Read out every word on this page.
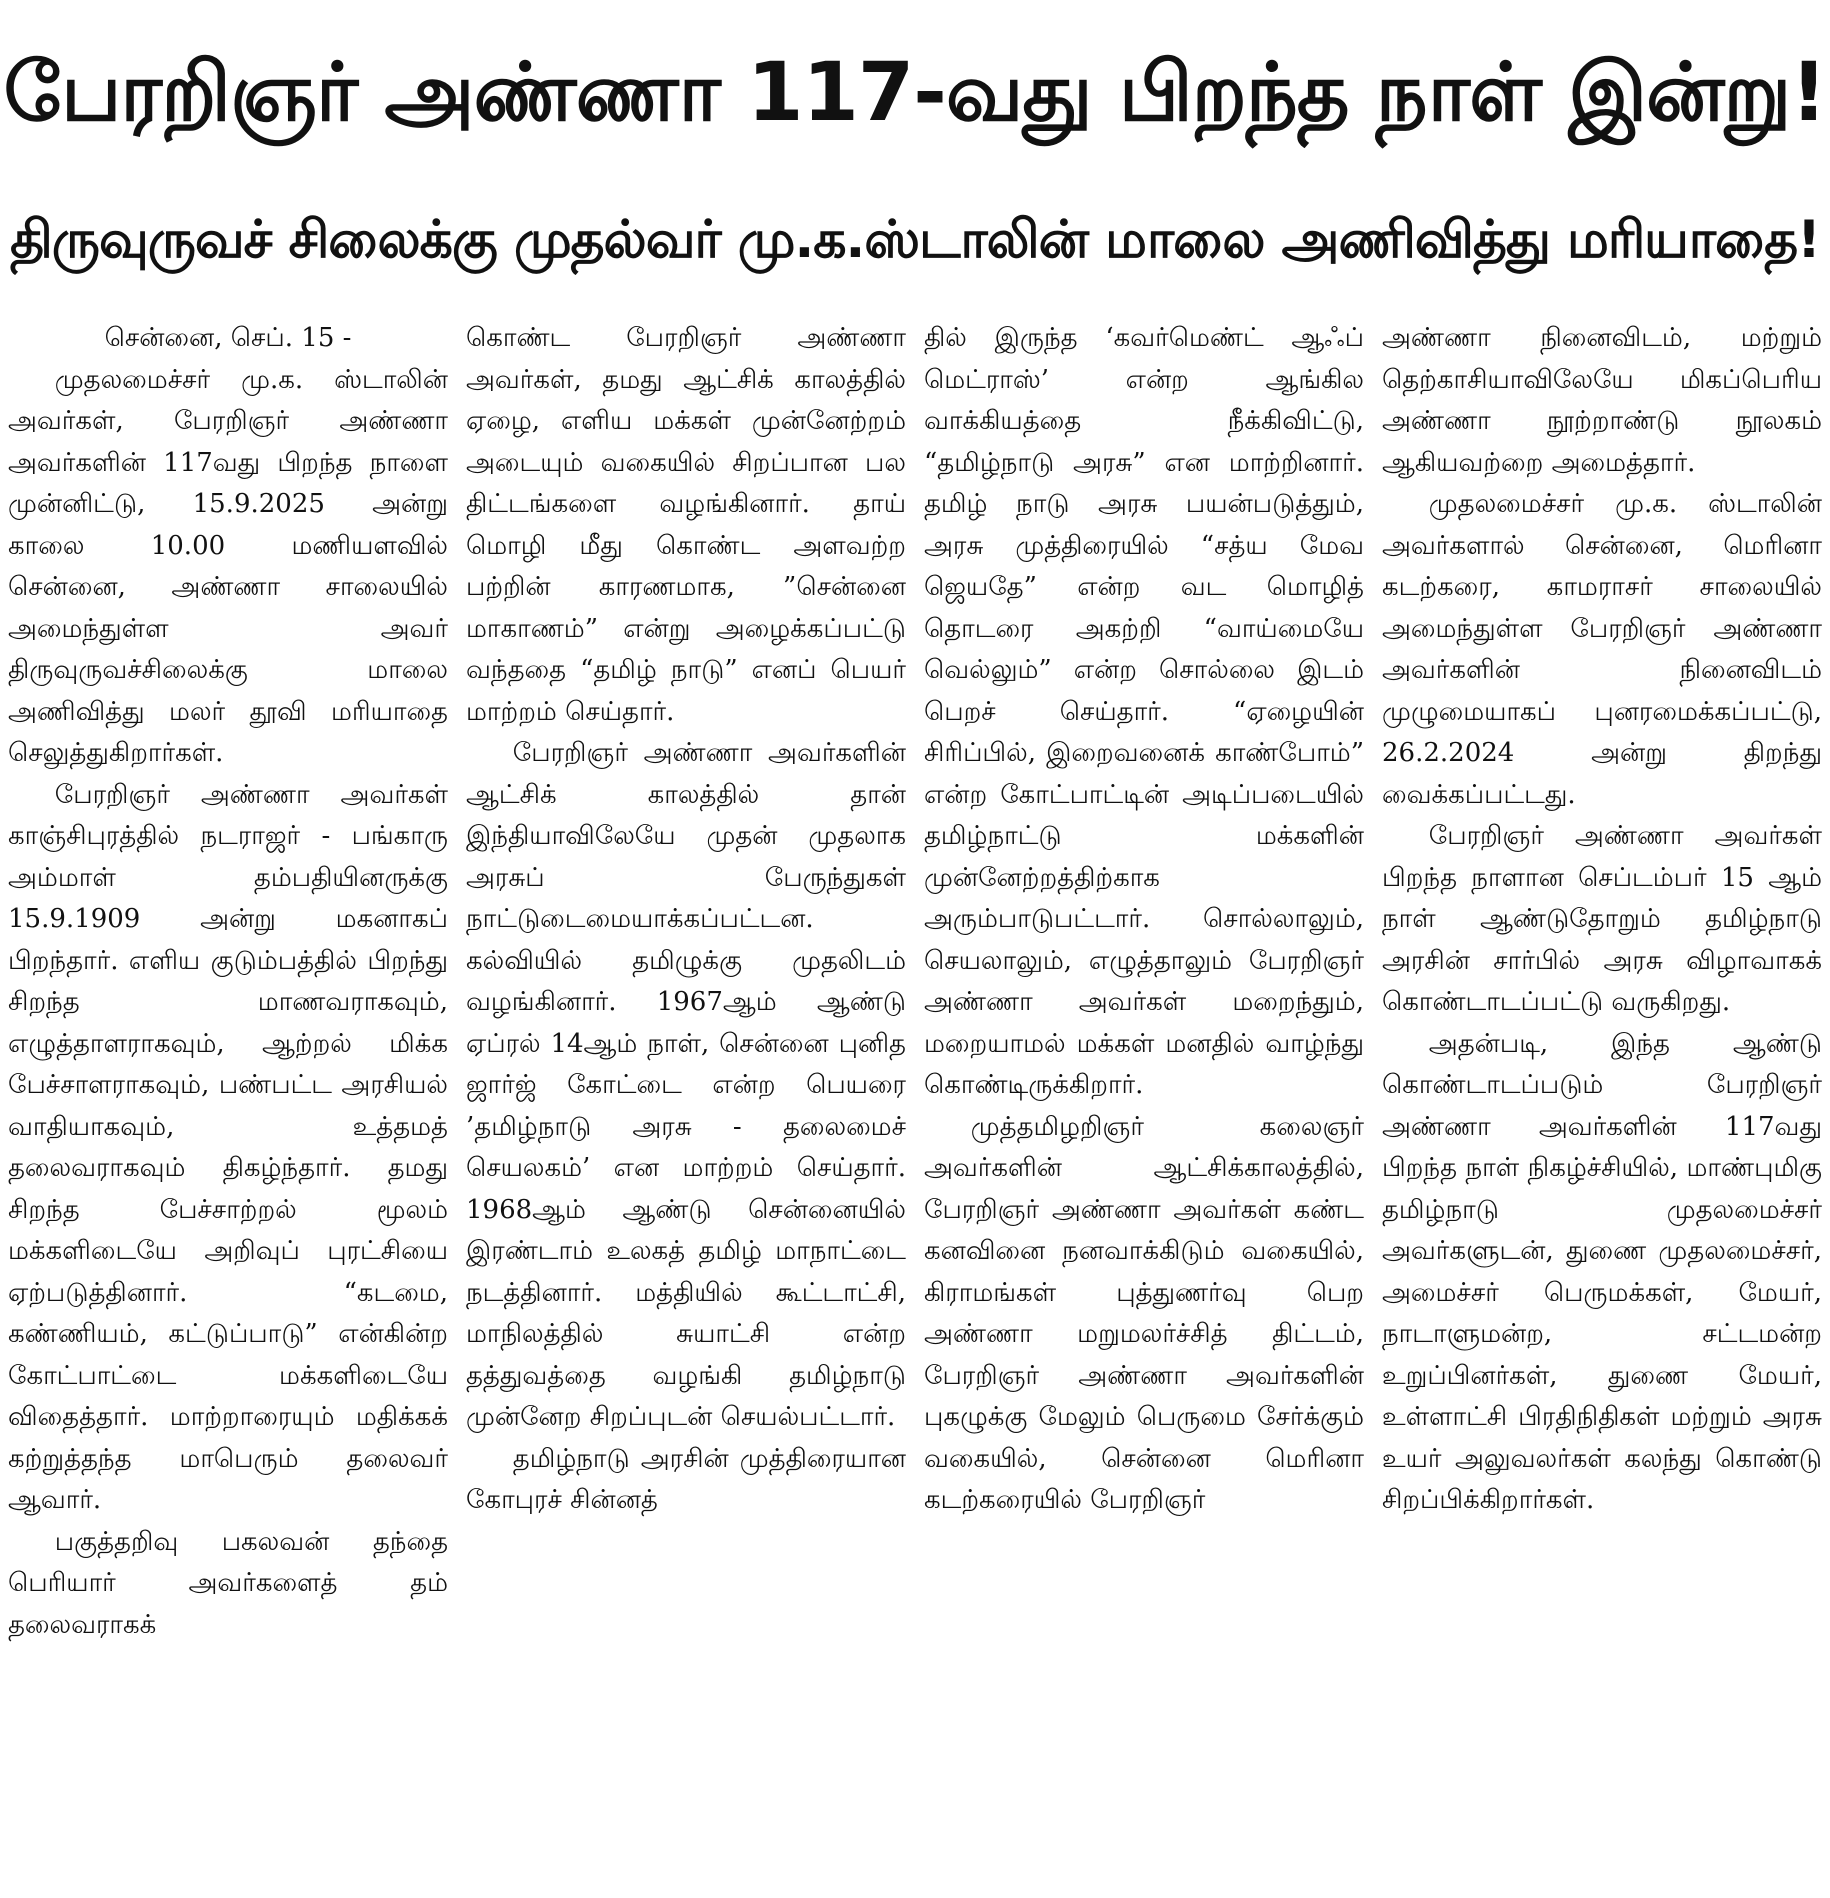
பேரறிஞர் அண்ணா 117-வது பிறந்த நாள் இன்று!
திருவுருவச் சிலைக்கு முதல்வர் மு.க.ஸ்டாலின் மாலை அணிவித்து மரியாதை!

சென்னை, செப். 15 -

முதலமைச்சர் மு.க. ஸ்டாலின் அவர்கள், பேரறிஞர் அண்ணா அவர்களின் 117வது பிறந்த நாளை முன்னிட்டு, 15.9.2025 அன்று காலை 10.00 மணியளவில் சென்னை, அண்ணா சாலையில் அமைந்துள்ள அவர் திருவுருவச்சிலைக்கு மாலை அணிவித்து மலர் தூவி மரியாதை செலுத்துகிறார்கள்.

பேரறிஞர் அண்ணா அவர்கள் காஞ்சிபுரத்தில் நடராஜர் - பங்காரு அம்மாள் தம்பதியினருக்கு 15.9.1909 அன்று மகனாகப் பிறந்தார். எளிய குடும்பத்தில் பிறந்து சிறந்த மாணவராகவும், எழுத்தாளராகவும், ஆற்றல் மிக்க பேச்சாளராகவும், பண்பட்ட அரசியல் வாதியாகவும், உத்தமத் தலைவராகவும் திகழ்ந்தார். தமது சிறந்த பேச்சாற்றல் மூலம் மக்களிடையே அறிவுப் புரட்சியை ஏற்படுத்தினார். “கடமை, கண்ணியம், கட்டுப்பாடு” என்கின்ற கோட்பாட்டை மக்களிடையே விதைத்தார். மாற்றாரையும் மதிக்கக் கற்றுத்தந்த மாபெரும் தலைவர் ஆவார்.

பகுத்தறிவு பகலவன் தந்தை பெரியார் அவர்களைத் தம் தலைவராகக்

கொண்ட பேரறிஞர் அண்ணா அவர்கள், தமது ஆட்சிக் காலத்தில் ஏழை, எளிய மக்கள் முன்னேற்றம் அடையும் வகையில் சிறப்பான பல திட்டங்களை வழங்கினார். தாய் மொழி மீது கொண்ட அளவற்ற பற்றின் காரணமாக, ”சென்னை மாகாணம்” என்று அழைக்கப்பட்டு வந்ததை “தமிழ் நாடு” எனப் பெயர் மாற்றம் செய்தார்.

பேரறிஞர் அண்ணா அவர்களின் ஆட்சிக் காலத்தில் தான் இந்தியாவிலேயே முதன் முதலாக அரசுப் பேருந்துகள் நாட்டுடைமையாக்கப்பட்டன. கல்வியில் தமிழுக்கு முதலிடம் வழங்கினார். 1967ஆம் ஆண்டு ஏப்ரல் 14ஆம் நாள், சென்னை புனித ஜார்ஜ் கோட்டை என்ற பெயரை ’தமிழ்நாடு அரசு - தலைமைச் செயலகம்’ என மாற்றம் செய்தார். 1968ஆம் ஆண்டு சென்னையில் இரண்டாம் உலகத் தமிழ் மாநாட்டை நடத்தினார். மத்தியில் கூட்டாட்சி, மாநிலத்தில் சுயாட்சி என்ற தத்துவத்தை வழங்கி தமிழ்நாடு முன்னேற சிறப்புடன் செயல்பட்டார்.

தமிழ்நாடு அரசின் முத்திரையான கோபுரச் சின்னத்

தில் இருந்த ‘கவர்மெண்ட் ஆஃப் மெட்ராஸ்’ என்ற ஆங்கில வாக்கியத்தை நீக்கிவிட்டு, “தமிழ்நாடு அரசு” என மாற்றினார். தமிழ் நாடு அரசு பயன்படுத்தும், அரசு முத்திரையில் “சத்ய மேவ ஜெயதே” என்ற வட மொழித் தொடரை அகற்றி “வாய்மையே வெல்லும்” என்ற சொல்லை இடம் பெறச் செய்தார். “ஏழையின் சிரிப்பில், இறைவனைக் காண்போம்” என்ற கோட்பாட்டின் அடிப்படையில் தமிழ்நாட்டு மக்களின் முன்னேற்றத்திற்காக அரும்பாடுபட்டார். சொல்லாலும், செயலாலும், எழுத்தாலும் பேரறிஞர் அண்ணா அவர்கள் மறைந்தும், மறையாமல் மக்கள் மனதில் வாழ்ந்து கொண்டிருக்கிறார்.

முத்தமிழறிஞர் கலைஞர் அவர்களின் ஆட்சிக்காலத்தில், பேரறிஞர் அண்ணா அவர்கள் கண்ட கனவினை நனவாக்கிடும் வகையில், கிராமங்கள் புத்துணர்வு பெற அண்ணா மறுமலர்ச்சித் திட்டம், பேரறிஞர் அண்ணா அவர்களின் புகழுக்கு மேலும் பெருமை சேர்க்கும் வகையில், சென்னை மெரினா கடற்கரையில் பேரறிஞர்

அண்ணா நினைவிடம், மற்றும் தெற்காசியாவிலேயே மிகப்பெரிய அண்ணா நூற்றாண்டு நூலகம் ஆகியவற்றை அமைத்தார்.

முதலமைச்சர் மு.க. ஸ்டாலின் அவர்களால் சென்னை, மெரினா கடற்கரை, காமராசர் சாலையில் அமைந்துள்ள பேரறிஞர் அண்ணா அவர்களின் நினைவிடம் முழுமையாகப் புனரமைக்கப்பட்டு, 26.2.2024 அன்று திறந்து வைக்கப்பட்டது.

பேரறிஞர் அண்ணா அவர்கள் பிறந்த நாளான செப்டம்பர் 15 ஆம் நாள் ஆண்டுதோறும் தமிழ்நாடு அரசின் சார்பில் அரசு விழாவாகக் கொண்டாடப்பட்டு வருகிறது.

அதன்படி, இந்த ஆண்டு கொண்டாடப்படும் பேரறிஞர் அண்ணா அவர்களின் 117வது பிறந்த நாள் நிகழ்ச்சியில், மாண்புமிகு தமிழ்நாடு முதலமைச்சர் அவர்களுடன், துணை முதலமைச்சர், அமைச்சர் பெருமக்கள், மேயர், நாடாளுமன்ற, சட்டமன்ற உறுப்பினர்கள், துணை மேயர், உள்ளாட்சி பிரதிநிதிகள் மற்றும் அரசு உயர் அலுவலர்கள் கலந்து கொண்டு சிறப்பிக்கிறார்கள்.
